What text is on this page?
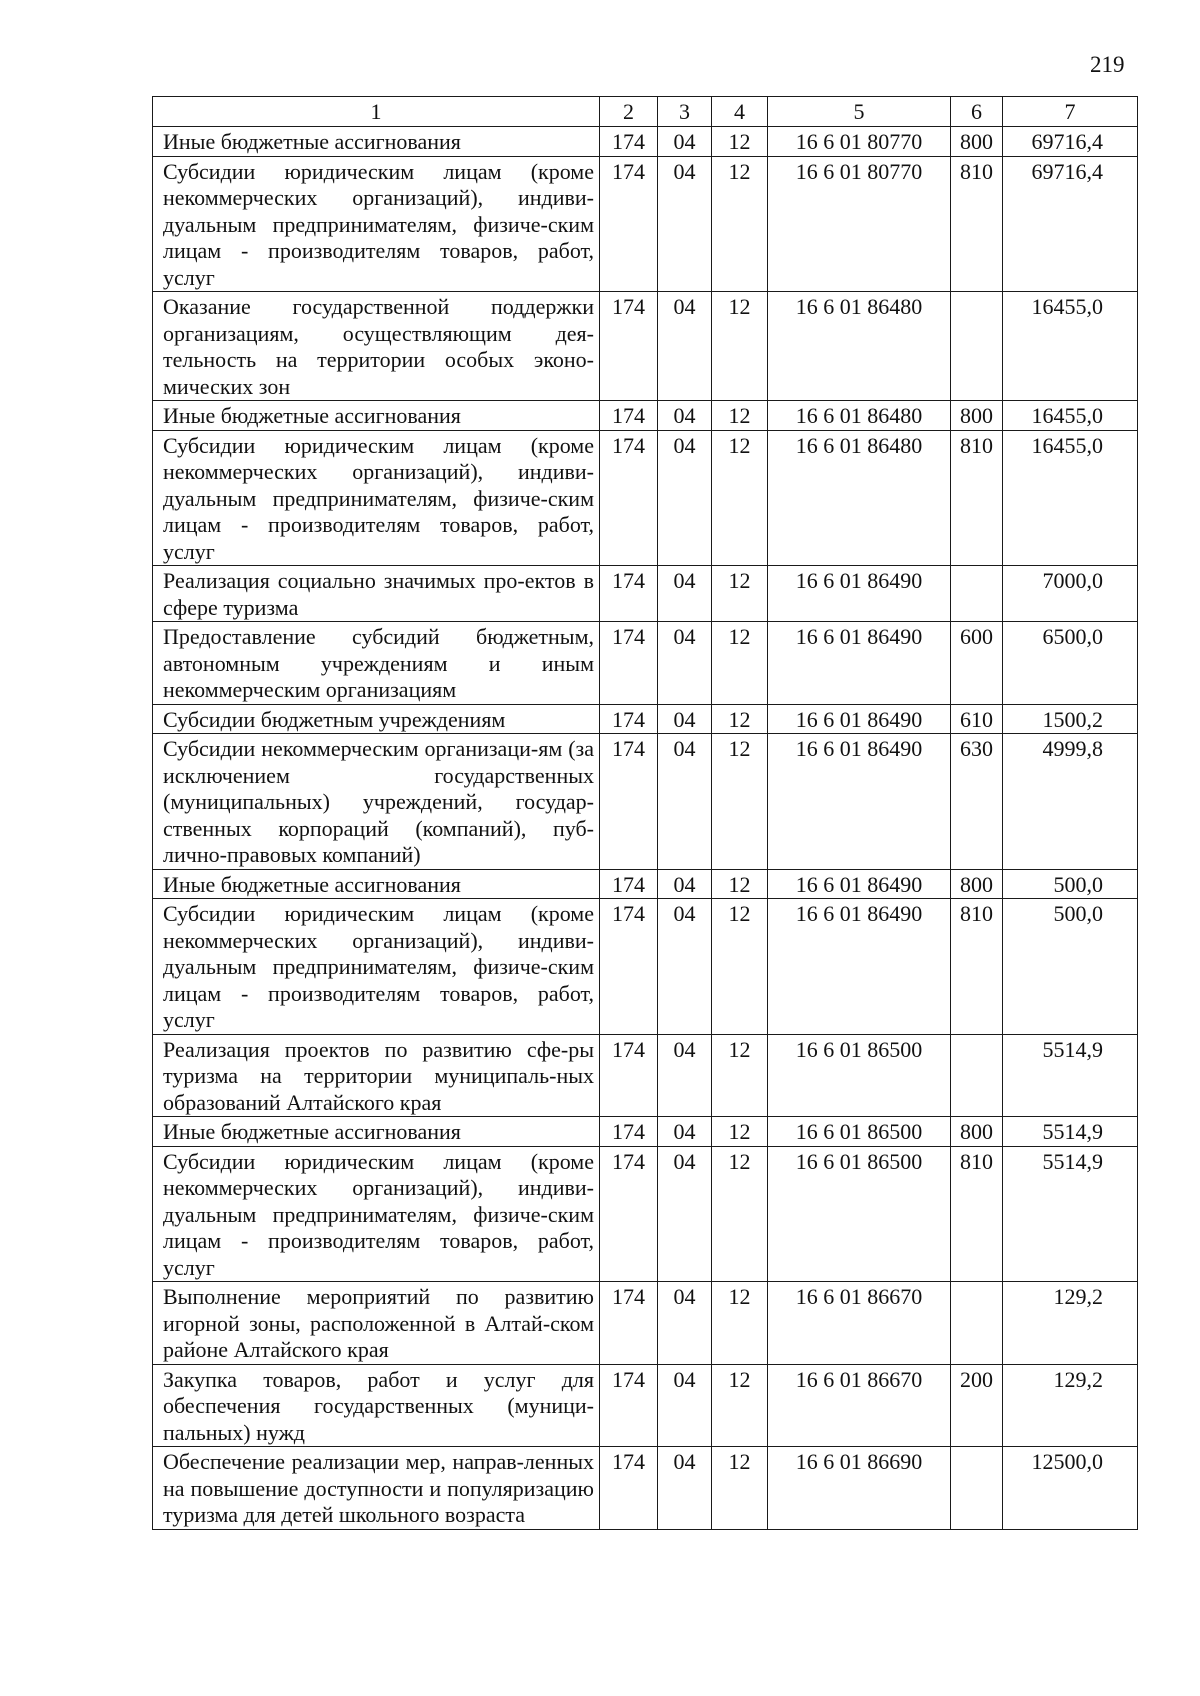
219
1	2	3	4	5	6	7
Иные бюджетные ассигнования	174	04	12	16 6 01 80770	800	69716,4
Субсидии юридическим лицам (кроме некоммерческих организаций), индиви-дуальным предпринимателям, физиче-ским лицам - производителям товаров, работ, услуг	174	04	12	16 6 01 80770	810	69716,4
Оказание государственной поддержки организациям, осуществляющим дея-тельность на территории особых эконо-мических зон	174	04	12	16 6 01 86480		16455,0
Иные бюджетные ассигнования	174	04	12	16 6 01 86480	800	16455,0
Субсидии юридическим лицам (кроме некоммерческих организаций), индиви-дуальным предпринимателям, физиче-ским лицам - производителям товаров, работ, услуг	174	04	12	16 6 01 86480	810	16455,0
Реализация социально значимых про-ектов в сфере туризма	174	04	12	16 6 01 86490		7000,0
Предоставление субсидий бюджетным, автономным учреждениям и иным некоммерческим организациям	174	04	12	16 6 01 86490	600	6500,0
Субсидии бюджетным учреждениям	174	04	12	16 6 01 86490	610	1500,2
Субсидии некоммерческим организаци-ям (за исключением государственных (муниципальных) учреждений, государ-ственных корпораций (компаний), пуб-лично-правовых компаний)	174	04	12	16 6 01 86490	630	4999,8
Иные бюджетные ассигнования	174	04	12	16 6 01 86490	800	500,0
Субсидии юридическим лицам (кроме некоммерческих организаций), индиви-дуальным предпринимателям, физиче-ским лицам - производителям товаров, работ, услуг	174	04	12	16 6 01 86490	810	500,0
Реализация проектов по развитию сфе-ры туризма на территории муниципаль-ных образований Алтайского края	174	04	12	16 6 01 86500		5514,9
Иные бюджетные ассигнования	174	04	12	16 6 01 86500	800	5514,9
Субсидии юридическим лицам (кроме некоммерческих организаций), индиви-дуальным предпринимателям, физиче-ским лицам - производителям товаров, работ, услуг	174	04	12	16 6 01 86500	810	5514,9
Выполнение мероприятий по развитию игорной зоны, расположенной в Алтай-ском районе Алтайского края	174	04	12	16 6 01 86670		129,2
Закупка товаров, работ и услуг для обеспечения государственных (муници-пальных) нужд	174	04	12	16 6 01 86670	200	129,2
Обеспечение реализации мер, направ-ленных на повышение доступности и популяризацию туризма для детей школьного возраста	174	04	12	16 6 01 86690		12500,0
